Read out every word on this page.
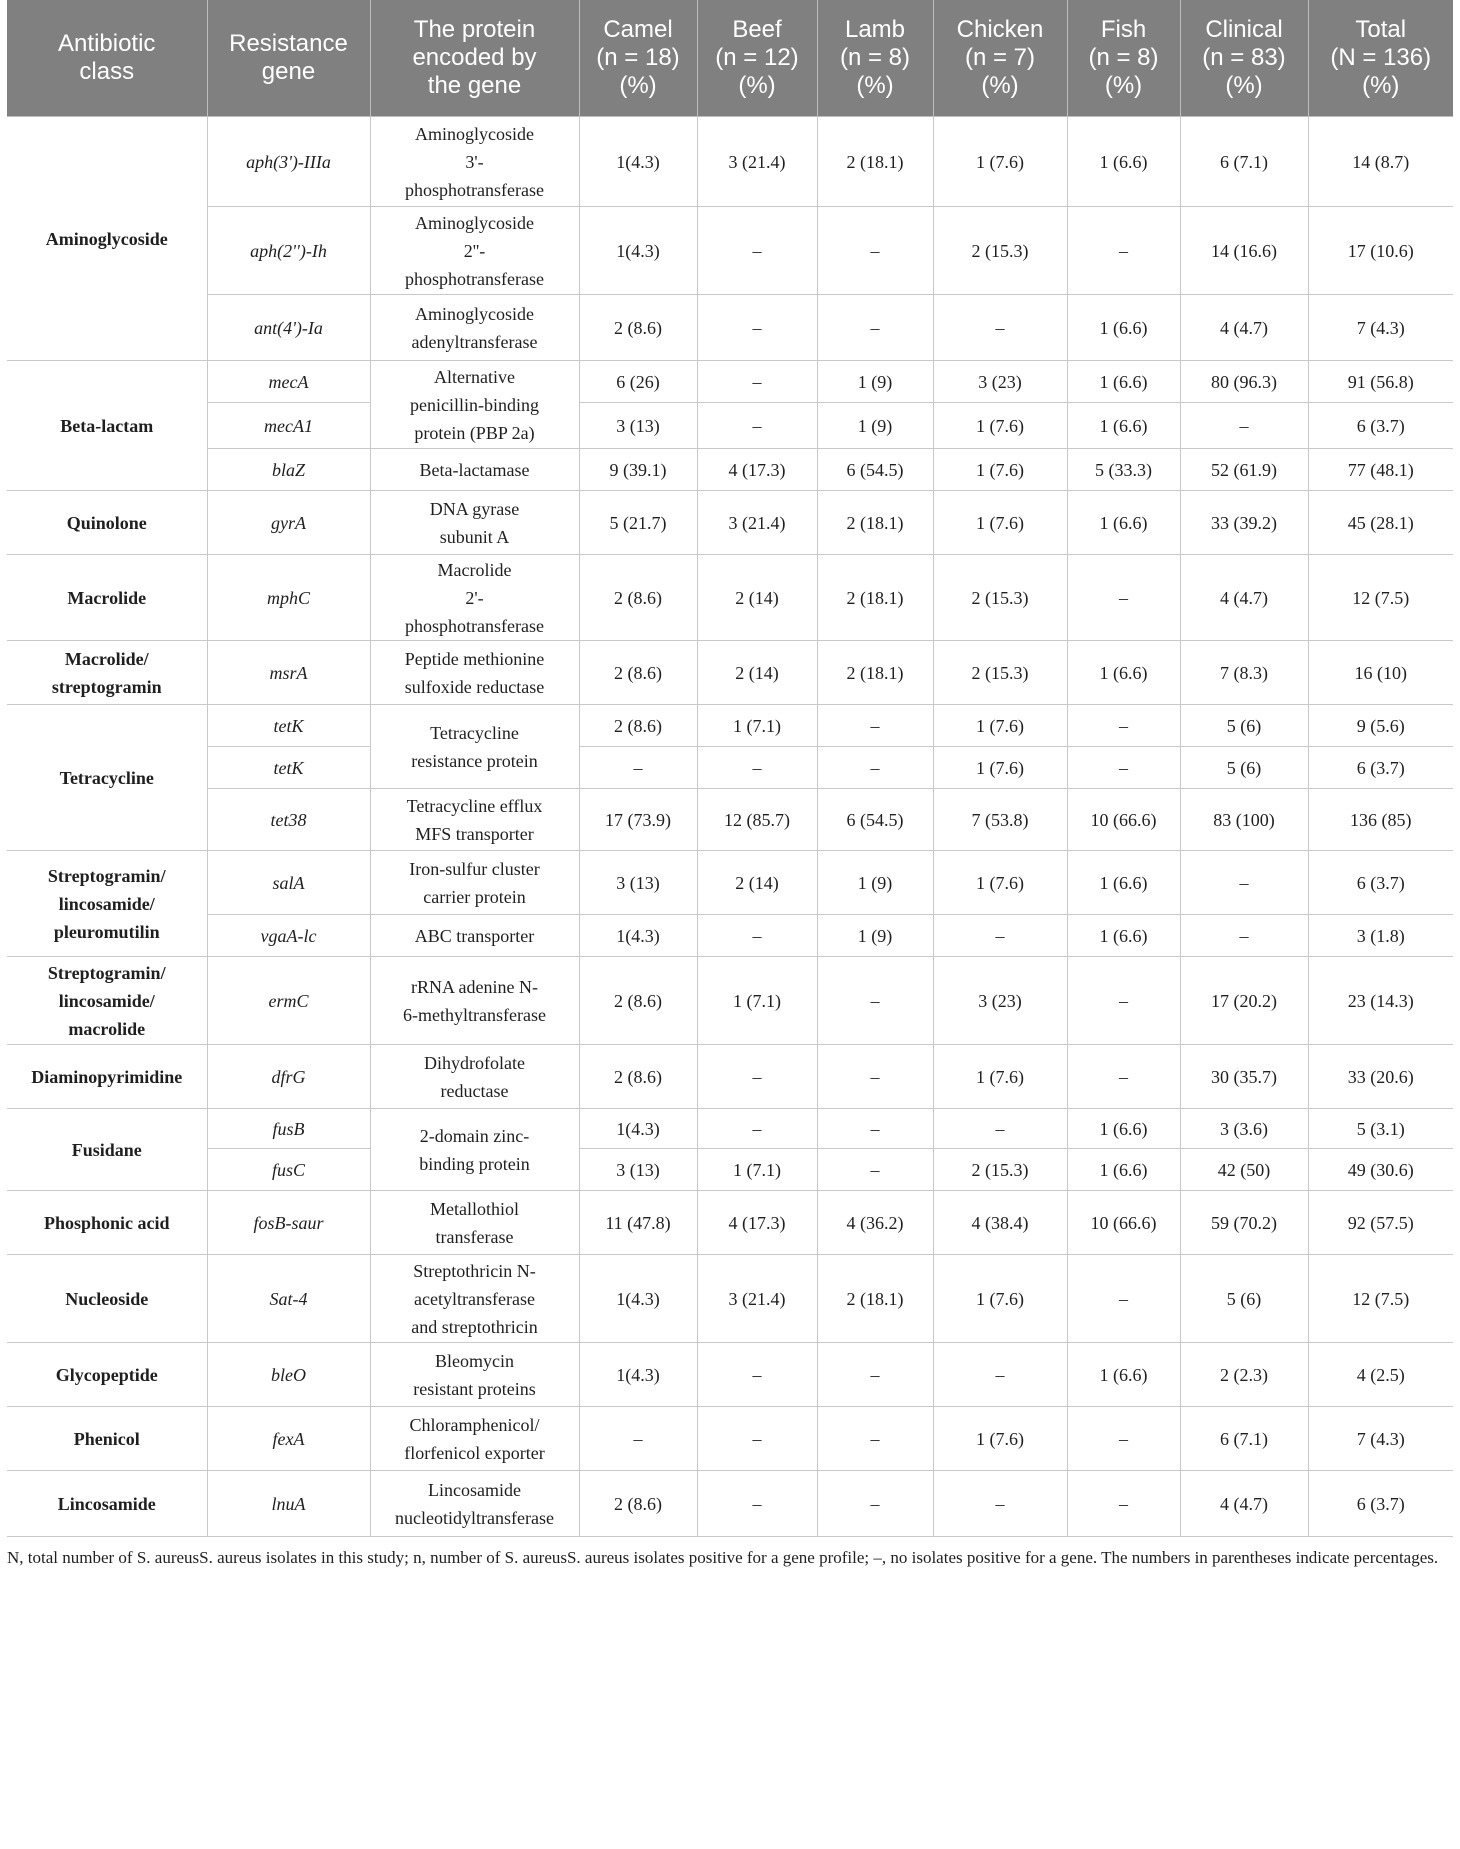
Antibiotic
class	Resistance
gene	The protein
encoded by
the gene	Camel
(n = 18)
(%)	Beef
(n = 12)
(%)	Lamb
(n = 8)
(%)	Chicken
(n = 7)
(%)	Fish
(n = 8)
(%)	Clinical
(n = 83)
(%)	Total
(N = 136)
(%)

Aminoglycoside	aph(3')-IIIa	Aminoglycoside
3'-
phosphotransferase	1(4.3)	3 (21.4)	2 (18.1)	1 (7.6)	1 (6.6)	6 (7.1)	14 (8.7)
	aph(2'')-Ih	Aminoglycoside
2''-
phosphotransferase	1(4.3)	–	–	2 (15.3)	–	14 (16.6)	17 (10.6)
	ant(4')-Ia	Aminoglycoside
adenyltransferase	2 (8.6)	–	–	–	1 (6.6)	4 (4.7)	7 (4.3)

Beta-lactam	mecA	Alternative
penicillin-binding
protein (PBP 2a)	6 (26)	–	1 (9)	3 (23)	1 (6.6)	80 (96.3)	91 (56.8)
	mecA1		3 (13)	–	1 (9)	1 (7.6)	1 (6.6)	–	6 (3.7)
	blaZ	Beta-lactamase	9 (39.1)	4 (17.3)	6 (54.5)	1 (7.6)	5 (33.3)	52 (61.9)	77 (48.1)

Quinolone	gyrA	DNA gyrase
subunit A	5 (21.7)	3 (21.4)	2 (18.1)	1 (7.6)	1 (6.6)	33 (39.2)	45 (28.1)

Macrolide	mphC	Macrolide
2'-
phosphotransferase	2 (8.6)	2 (14)	2 (18.1)	2 (15.3)	–	4 (4.7)	12 (7.5)

Macrolide/
streptogramin	msrA	Peptide methionine
sulfoxide reductase	2 (8.6)	2 (14)	2 (18.1)	2 (15.3)	1 (6.6)	7 (8.3)	16 (10)

Tetracycline	tetK	Tetracycline
resistance protein	2 (8.6)	1 (7.1)	–	1 (7.6)	–	5 (6)	9 (5.6)
	tetK		–	–	–	1 (7.6)	–	5 (6)	6 (3.7)
	tet38	Tetracycline efflux
MFS transporter	17 (73.9)	12 (85.7)	6 (54.5)	7 (53.8)	10 (66.6)	83 (100)	136 (85)

Streptogramin/
lincosamide/
pleuromutilin	salA	Iron-sulfur cluster
carrier protein	3 (13)	2 (14)	1 (9)	1 (7.6)	1 (6.6)	–	6 (3.7)
	vgaA-lc	ABC transporter	1(4.3)	–	1 (9)	–	1 (6.6)	–	3 (1.8)

Streptogramin/
lincosamide/
macrolide	ermC	rRNA adenine N-
6-methyltransferase	2 (8.6)	1 (7.1)	–	3 (23)	–	17 (20.2)	23 (14.3)

Diaminopyrimidine	dfrG	Dihydrofolate
reductase	2 (8.6)	–	–	1 (7.6)	–	30 (35.7)	33 (20.6)

Fusidane	fusB	2-domain zinc-
binding protein	1(4.3)	–	–	–	1 (6.6)	3 (3.6)	5 (3.1)
	fusC		3 (13)	1 (7.1)	–	2 (15.3)	1 (6.6)	42 (50)	49 (30.6)

Phosphonic acid	fosB-saur	Metallothiol
transferase	11 (47.8)	4 (17.3)	4 (36.2)	4 (38.4)	10 (66.6)	59 (70.2)	92 (57.5)

Nucleoside	Sat-4	Streptothricin N-
acetyltransferase
and streptothricin	1(4.3)	3 (21.4)	2 (18.1)	1 (7.6)	–	5 (6)	12 (7.5)

Glycopeptide	bleO	Bleomycin
resistant proteins	1(4.3)	–	–	–	1 (6.6)	2 (2.3)	4 (2.5)

Phenicol	fexA	Chloramphenicol/
florfenicol exporter	–	–	–	1 (7.6)	–	6 (7.1)	7 (4.3)

Lincosamide	lnuA	Lincosamide
nucleotidyltransferase	2 (8.6)	–	–	–	–	4 (4.7)	6 (3.7)
N, total number of S. aureusS. aureus isolates in this study; n, number of S. aureusS. aureus isolates positive for a gene profile; –, no isolates positive for a gene. The numbers in parentheses indicate percentages.
